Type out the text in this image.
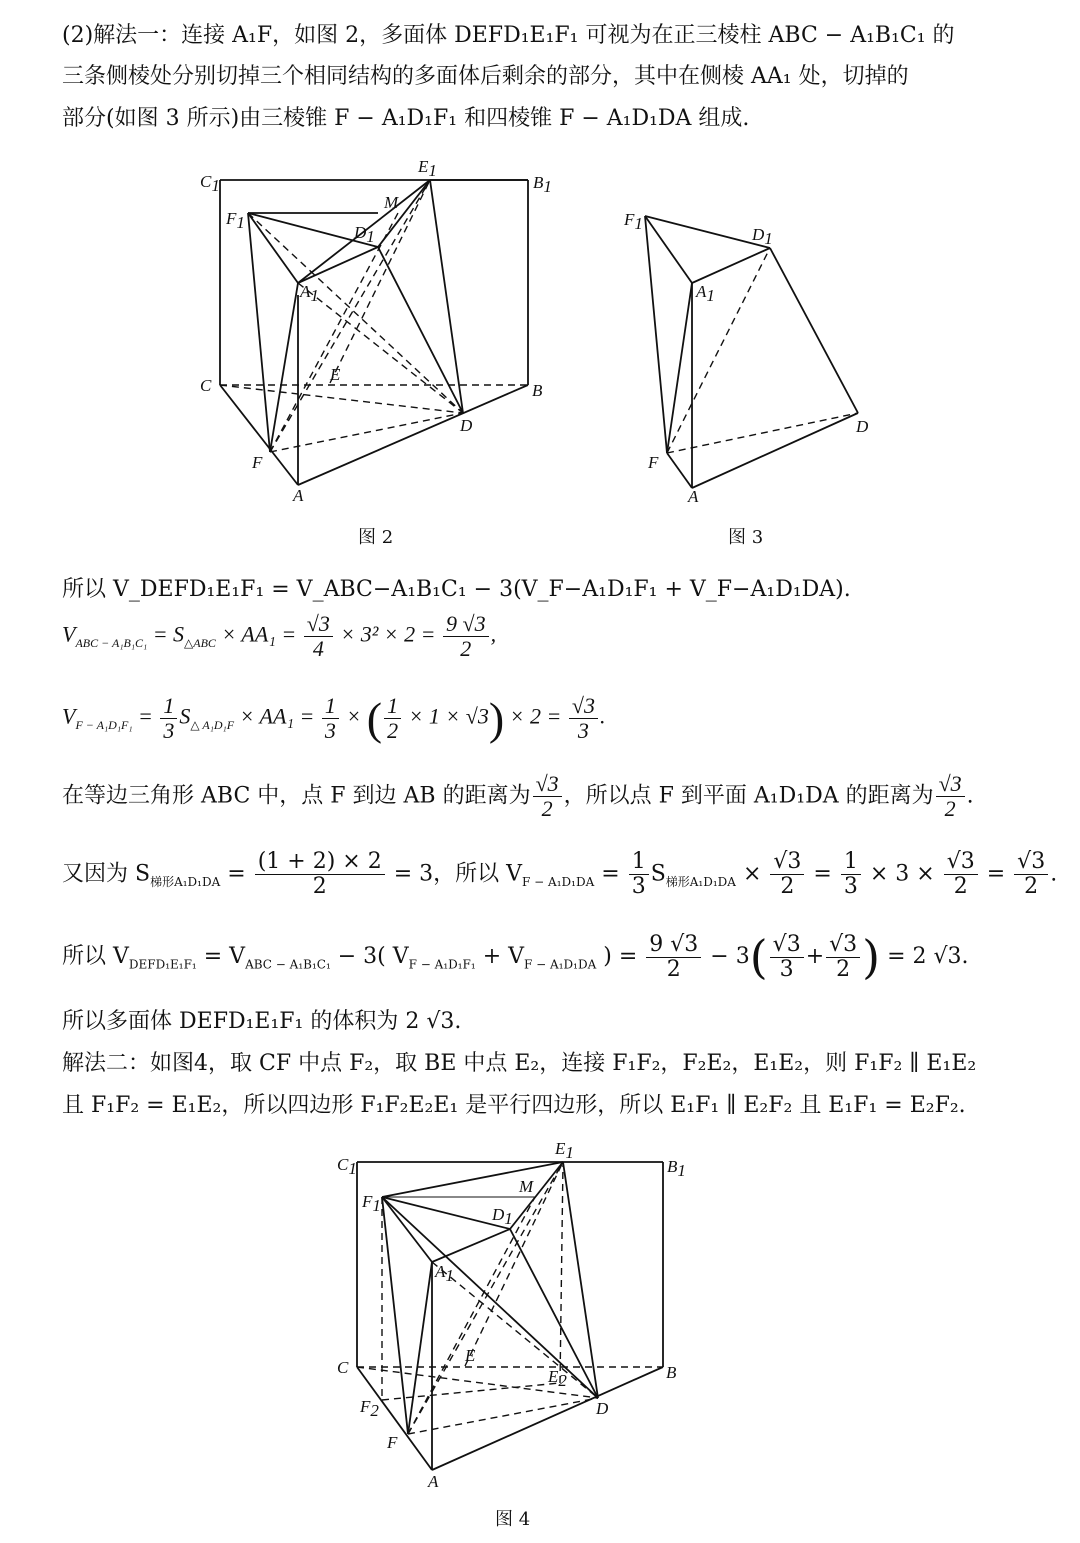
(2)解法一：连接 A₁F，如图 2，多面体 DEFD₁E₁F₁ 可视为在正三棱柱 ABC − A₁B₁C₁ 的
三条侧棱处分别切掉三个相同结构的多面体后剩余的部分，其中在侧棱 AA₁ 处，切掉的
部分(如图 3 所示)由三棱锥 F − A₁D₁F₁ 和四棱锥 F − A₁D₁DA 组成.
C1
E1
B1
M
F1
D1
A1
C
E
B
D
F
A
图 2
F1
D1
A1
D
F
A
图 3
所以 V_DEFD₁E₁F₁ = V_ABC−A₁B₁C₁ − 3(V_F−A₁D₁F₁ + V_F−A₁D₁DA).
$V_{ABC - A_1B_1C_1} = S_{\triangle ABC} \times AA_1 = \frac{√3}{4} \times 3^2 \times 2 = \frac{9 √3}{2}$ ,
$V_{F - A_1D_1F_1} = \frac{1}{3} S_{\triangle A_1D_1F} \times AA_1 = \frac{1}{3}$ × ( $\frac{1}{2} \times 1 \times √3) \times 2 = \frac{√3}{3}$ .
在等边三角形 ABC 中，点 F 到边 AB 的距离为 $\frac{√3}{2}$ ，所以点 F 到平面 A₁D₁DA 的距离为 $\frac{√3}{2}$ .
又因为 $S_{梯形A_1D_1DA} = \frac{(1 + 2) \times 2}{2} = 3$，所以 $V_{F - A_1D_1DA} = \frac{1}{3} S_{梯形A_1D_1DA} \times \frac{√3}{2} = \frac{1}{3} \times 3 \times \frac{√3}{2} = \frac{√3}{2}$ .
所以 $V_{DEFD_1E_1F_1} = V_{ABC - A_1B_1C_1} - 3$( $V_{F - A_1D_1F_1} + V_{F - A_1D_1DA}$ ) = $\frac{9 √3}{2} - 3( \frac{√3}{3} + \frac{√3}{2}$ ) = 2 √3.
所以多面体 DEFD₁E₁F₁ 的体积为 2 √3.
解法二：如图4，取 CF 中点 F₂，取 BE 中点 E₂，连接 F₁F₂，F₂E₂，E₁E₂，则 F₁F₂ ∥ E₁E₂
且 F₁F₂ = E₁E₂，所以四边形 F₁F₂E₂E₁ 是平行四边形，所以 E₁F₁ ∥ E₂F₂ 且 E₁F₁ = E₂F₂.
C1
E1
B1
M
F1	D1
A1
C
E
B
E2
D
F2
F
A
图 4
